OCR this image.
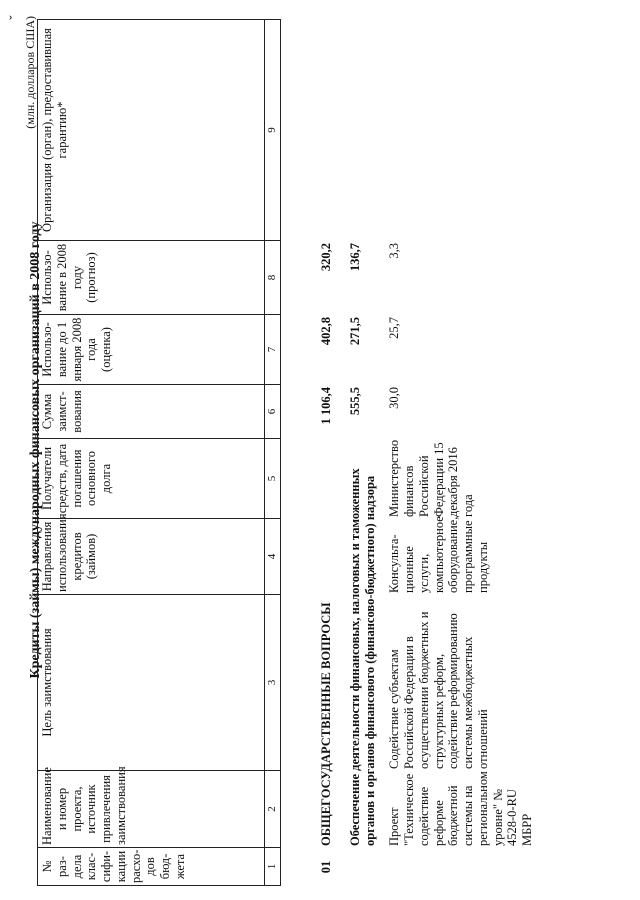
ˇ
Кредиты (займы) международных финансовых организаций в 2008 году
(млн. долларов США)
№ раз-дела клас-сифи-кации расхо-дов бюд-жета	Наименование и номер проекта, источник привлечения заимствования	Цель заимствования	Направления использования кредитов (займов)	Получатели средств, дата погашения основного долга	Сумма заимст-вования	Использо-вание до 1 января 2008 года (оценка)	Использо-вание в 2008 году (прогноз)	Организация (орган), предоставившая гарантию*
1	2	3	4	5	6	7	8	9
01	ОБЩЕГОСУДАРСТВЕННЫЕ ВОПРОСЫ				1 106,4	402,8	320,2	

	Обеспечение деятельности финансовых, налоговых и таможенных органов и органов финансового (финансово-бюджетного) надзора				555,5	271,5	136,7	

	Проект "Техническое содействие реформе бюджетной системы на региональном уровне" № 4528-0-RU МБРР	Содействие субъектам Российской Федерации в осуществлении бюджетных и структурных реформ, содействие реформированию системы межбюджетных отношений	Консульта-ционные услуги, компьютерное оборудование, программные продукты	Министерство финансов Российской Федерации 15 декабря 2016 года	30,0	25,7	3,3	
